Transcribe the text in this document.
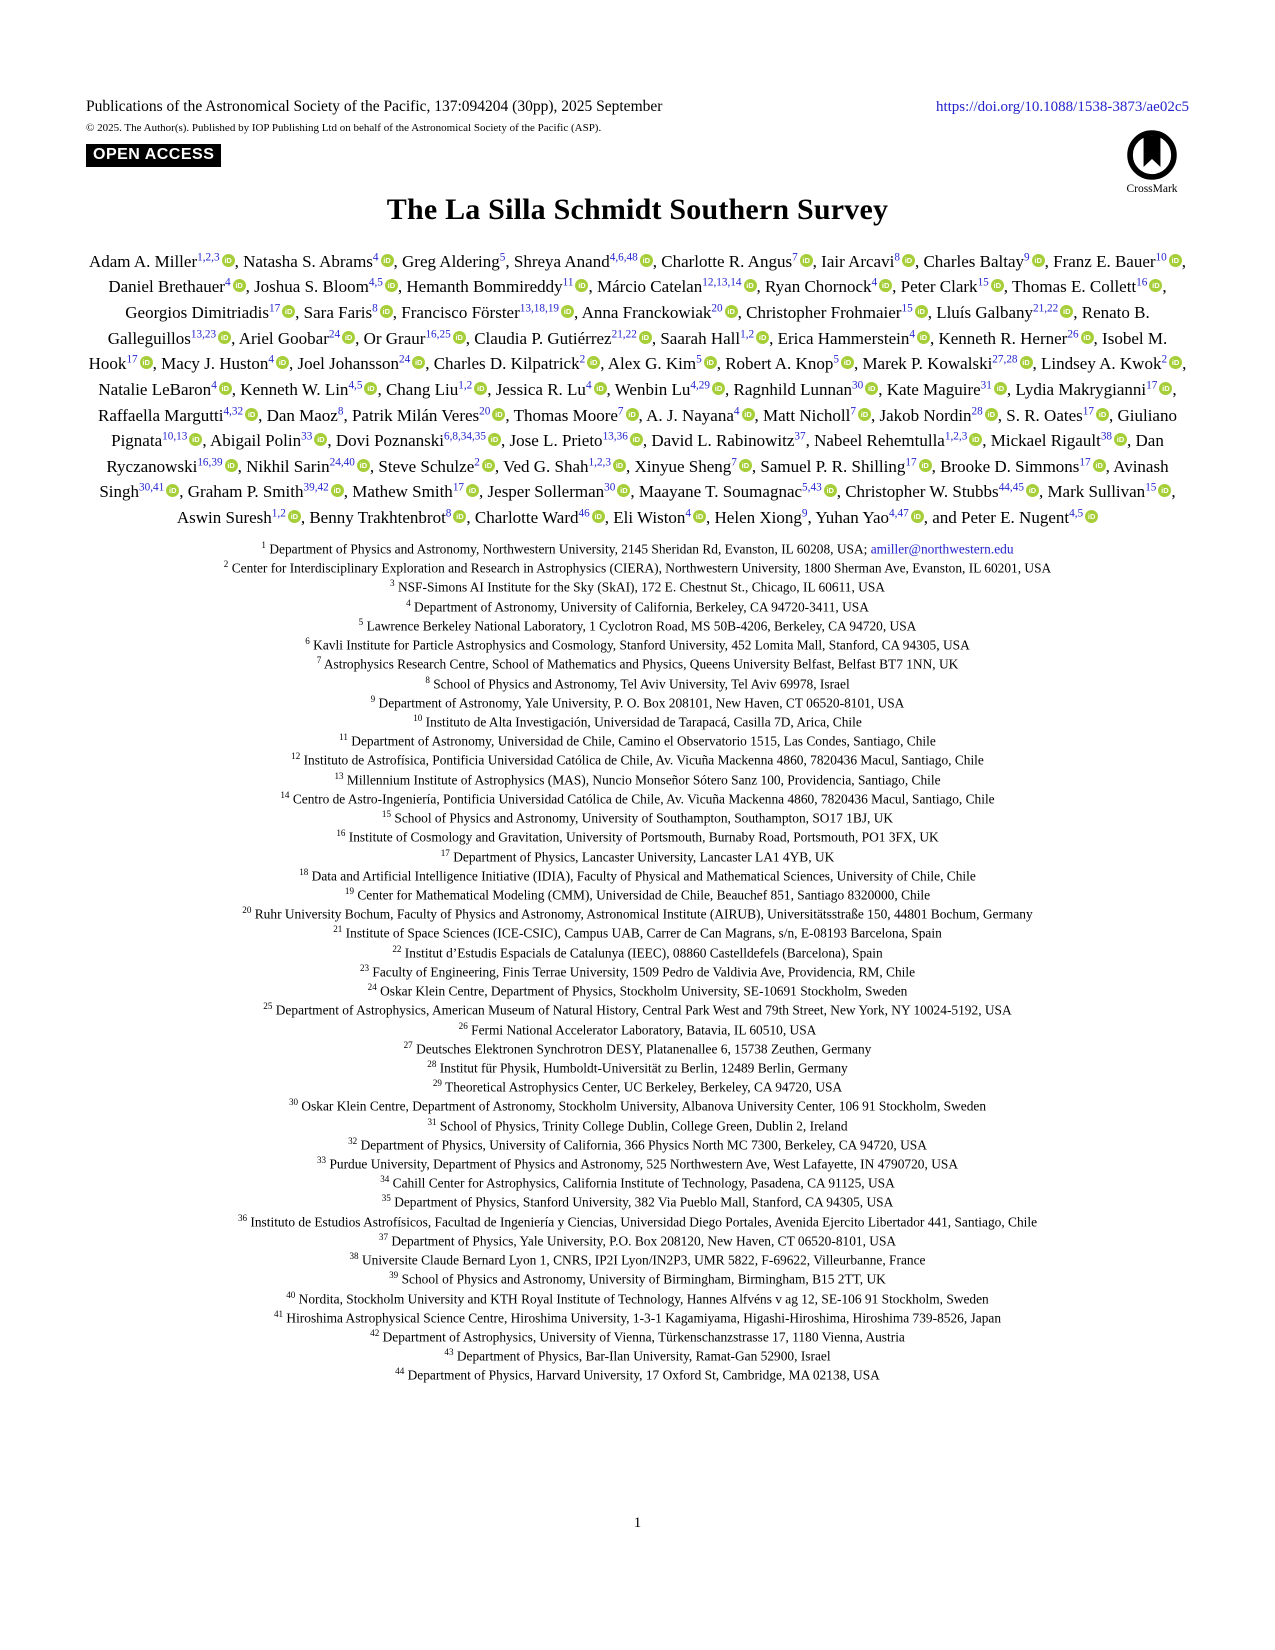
Publications of the Astronomical Society of the Pacific, 137:094204 (30pp), 2025 September	https://doi.org/10.1088/1538-3873/ae02c5
© 2025. The Author(s). Published by IOP Publishing Ltd on behalf of the Astronomical Society of the Pacific (ASP).
OPEN ACCESS
The La Silla Schmidt Southern Survey
Adam A. Miller$^{1,2,3}$ iD , Natasha S. Abrams$^4$ iD , Greg Aldering$^5$, Shreya Anand$^{4,6,48}$ iD , Charlotte R. Angus$^7$ iD , Iair Arcavi$^8$ iD , Charles Baltay$^9$ iD , Franz E. Bauer$^{10}$ iD , Daniel Brethauer$^4$ iD , Joshua S. Bloom$^{4,5}$ iD , Hemanth Bommireddy$^{11}$ iD , Márcio Catelan$^{12,13,14}$ iD , Ryan Chornock$^4$ iD , Peter Clark$^{15}$ iD , Thomas E. Collett$^{16}$ iD , Georgios Dimitriadis$^{17}$ iD , Sara Faris$^8$ iD , Francisco Förster$^{13,18,19}$ iD , Anna Franckowiak$^{20}$ iD , Christopher Frohmaier$^{15}$ iD , Lluís Galbany$^{21,22}$ iD , Renato B. Galleguillos$^{13,23}$ iD , Ariel Goobar$^{24}$ iD , Or Graur$^{16,25}$ iD , Claudia P. Gutiérrez$^{21,22}$ iD , Saarah Hall$^{1,2}$ iD , Erica Hammerstein$^4$ iD , Kenneth R. Herner$^{26}$ iD , Isobel M. Hook$^{17}$ iD , Macy J. Huston$^4$ iD , Joel Johansson$^{24}$ iD , Charles D. Kilpatrick$^2$ iD , Alex G. Kim$^5$ iD , Robert A. Knop$^5$ iD , Marek P. Kowalski$^{27,28}$ iD , Lindsey A. Kwok$^2$ iD , Natalie LeBaron$^4$ iD , Kenneth W. Lin$^{4,5}$ iD , Chang Liu$^{1,2}$ iD , Jessica R. Lu$^4$ iD , Wenbin Lu$^{4,29}$ iD , Ragnhild Lunnan$^{30}$ iD , Kate Maguire$^{31}$ iD , Lydia Makrygianni$^{17}$ iD , Raffaella Margutti$^{4,32}$ iD , Dan Maoz$^8$, Patrik Milán Veres$^{20}$ iD , Thomas Moore$^7$ iD , A. J. Nayana$^4$ iD , Matt Nicholl$^7$ iD , Jakob Nordin$^{28}$ iD , S. R. Oates$^{17}$ iD , Giuliano Pignata$^{10,13}$ iD , Abigail Polin$^{33}$ iD , Dovi Poznanski$^{6,8,34,35}$ iD , Jose L. Prieto$^{13,36}$ iD , David L. Rabinowitz$^{37}$, Nabeel Rehemtulla$^{1,2,3}$ iD , Mickael Rigault$^{38}$ iD , Dan Ryczanowski$^{16,39}$ iD , Nikhil Sarin$^{24,40}$ iD , Steve Schulze$^2$ iD , Ved G. Shah$^{1,2,3}$ iD , Xinyue Sheng$^7$ iD , Samuel P. R. Shilling$^{17}$ iD , Brooke D. Simmons$^{17}$ iD , Avinash Singh$^{30,41}$ iD , Graham P. Smith$^{39,42}$ iD , Mathew Smith$^{17}$ iD , Jesper Sollerman$^{30}$ iD , Maayane T. Soumagnac$^{5,43}$ iD , Christopher W. Stubbs$^{44,45}$ iD , Mark Sullivan$^{15}$ iD , Aswin Suresh$^{1,2}$ iD , Benny Trakhtenbrot$^8$ iD , Charlotte Ward$^{46}$ iD , Eli Wiston$^4$ iD , Helen Xiong$^9$, Yuhan Yao$^{4,47}$ iD , and Peter E. Nugent$^{4,5}$ iD
$^1$ Department of Physics and Astronomy, Northwestern University, 2145 Sheridan Rd, Evanston, IL 60208, USA; amiller@northwestern.edu
$^2$ Center for Interdisciplinary Exploration and Research in Astrophysics (CIERA), Northwestern University, 1800 Sherman Ave, Evanston, IL 60201, USA
$^3$ NSF-Simons AI Institute for the Sky (SkAI), 172 E. Chestnut St., Chicago, IL 60611, USA
$^4$ Department of Astronomy, University of California, Berkeley, CA 94720-3411, USA
$^5$ Lawrence Berkeley National Laboratory, 1 Cyclotron Road, MS 50B-4206, Berkeley, CA 94720, USA
$^6$ Kavli Institute for Particle Astrophysics and Cosmology, Stanford University, 452 Lomita Mall, Stanford, CA 94305, USA
$^7$ Astrophysics Research Centre, School of Mathematics and Physics, Queens University Belfast, Belfast BT7 1NN, UK
$^8$ School of Physics and Astronomy, Tel Aviv University, Tel Aviv 69978, Israel
$^9$ Department of Astronomy, Yale University, P. O. Box 208101, New Haven, CT 06520-8101, USA
$^{10}$ Instituto de Alta Investigación, Universidad de Tarapacá, Casilla 7D, Arica, Chile
$^{11}$ Department of Astronomy, Universidad de Chile, Camino el Observatorio 1515, Las Condes, Santiago, Chile
$^{12}$ Instituto de Astrofísica, Pontificia Universidad Católica de Chile, Av. Vicuña Mackenna 4860, 7820436 Macul, Santiago, Chile
$^{13}$ Millennium Institute of Astrophysics (MAS), Nuncio Monseñor Sótero Sanz 100, Providencia, Santiago, Chile
$^{14}$ Centro de Astro-Ingeniería, Pontificia Universidad Católica de Chile, Av. Vicuña Mackenna 4860, 7820436 Macul, Santiago, Chile
$^{15}$ School of Physics and Astronomy, University of Southampton, Southampton, SO17 1BJ, UK
$^{16}$ Institute of Cosmology and Gravitation, University of Portsmouth, Burnaby Road, Portsmouth, PO1 3FX, UK
$^{17}$ Department of Physics, Lancaster University, Lancaster LA1 4YB, UK
$^{18}$ Data and Artificial Intelligence Initiative (IDIA), Faculty of Physical and Mathematical Sciences, University of Chile, Chile
$^{19}$ Center for Mathematical Modeling (CMM), Universidad de Chile, Beauchef 851, Santiago 8320000, Chile
$^{20}$ Ruhr University Bochum, Faculty of Physics and Astronomy, Astronomical Institute (AIRUB), Universitätsstraße 150, 44801 Bochum, Germany
$^{21}$ Institute of Space Sciences (ICE-CSIC), Campus UAB, Carrer de Can Magrans, s/n, E-08193 Barcelona, Spain
$^{22}$ Institut d’Estudis Espacials de Catalunya (IEEC), 08860 Castelldefels (Barcelona), Spain
$^{23}$ Faculty of Engineering, Finis Terrae University, 1509 Pedro de Valdivia Ave, Providencia, RM, Chile
$^{24}$ Oskar Klein Centre, Department of Physics, Stockholm University, SE-10691 Stockholm, Sweden
$^{25}$ Department of Astrophysics, American Museum of Natural History, Central Park West and 79th Street, New York, NY 10024-5192, USA
$^{26}$ Fermi National Accelerator Laboratory, Batavia, IL 60510, USA
$^{27}$ Deutsches Elektronen Synchrotron DESY, Platanenallee 6, 15738 Zeuthen, Germany
$^{28}$ Institut für Physik, Humboldt-Universität zu Berlin, 12489 Berlin, Germany
$^{29}$ Theoretical Astrophysics Center, UC Berkeley, Berkeley, CA 94720, USA
$^{30}$ Oskar Klein Centre, Department of Astronomy, Stockholm University, Albanova University Center, 106 91 Stockholm, Sweden
$^{31}$ School of Physics, Trinity College Dublin, College Green, Dublin 2, Ireland
$^{32}$ Department of Physics, University of California, 366 Physics North MC 7300, Berkeley, CA 94720, USA
$^{33}$ Purdue University, Department of Physics and Astronomy, 525 Northwestern Ave, West Lafayette, IN 4790720, USA
$^{34}$ Cahill Center for Astrophysics, California Institute of Technology, Pasadena, CA 91125, USA
$^{35}$ Department of Physics, Stanford University, 382 Via Pueblo Mall, Stanford, CA 94305, USA
$^{36}$ Instituto de Estudios Astrofísicos, Facultad de Ingeniería y Ciencias, Universidad Diego Portales, Avenida Ejercito Libertador 441, Santiago, Chile
$^{37}$ Department of Physics, Yale University, P.O. Box 208120, New Haven, CT 06520-8101, USA
$^{38}$ Universite Claude Bernard Lyon 1, CNRS, IP2I Lyon/IN2P3, UMR 5822, F-69622, Villeurbanne, France
$^{39}$ School of Physics and Astronomy, University of Birmingham, Birmingham, B15 2TT, UK
$^{40}$ Nordita, Stockholm University and KTH Royal Institute of Technology, Hannes Alfvéns v ag 12, SE-106 91 Stockholm, Sweden
$^{41}$ Hiroshima Astrophysical Science Centre, Hiroshima University, 1-3-1 Kagamiyama, Higashi-Hiroshima, Hiroshima 739-8526, Japan
$^{42}$ Department of Astrophysics, University of Vienna, Türkenschanzstrasse 17, 1180 Vienna, Austria
$^{43}$ Department of Physics, Bar-Ilan University, Ramat-Gan 52900, Israel
$^{44}$ Department of Physics, Harvard University, 17 Oxford St, Cambridge, MA 02138, USA
CrossMark
1
